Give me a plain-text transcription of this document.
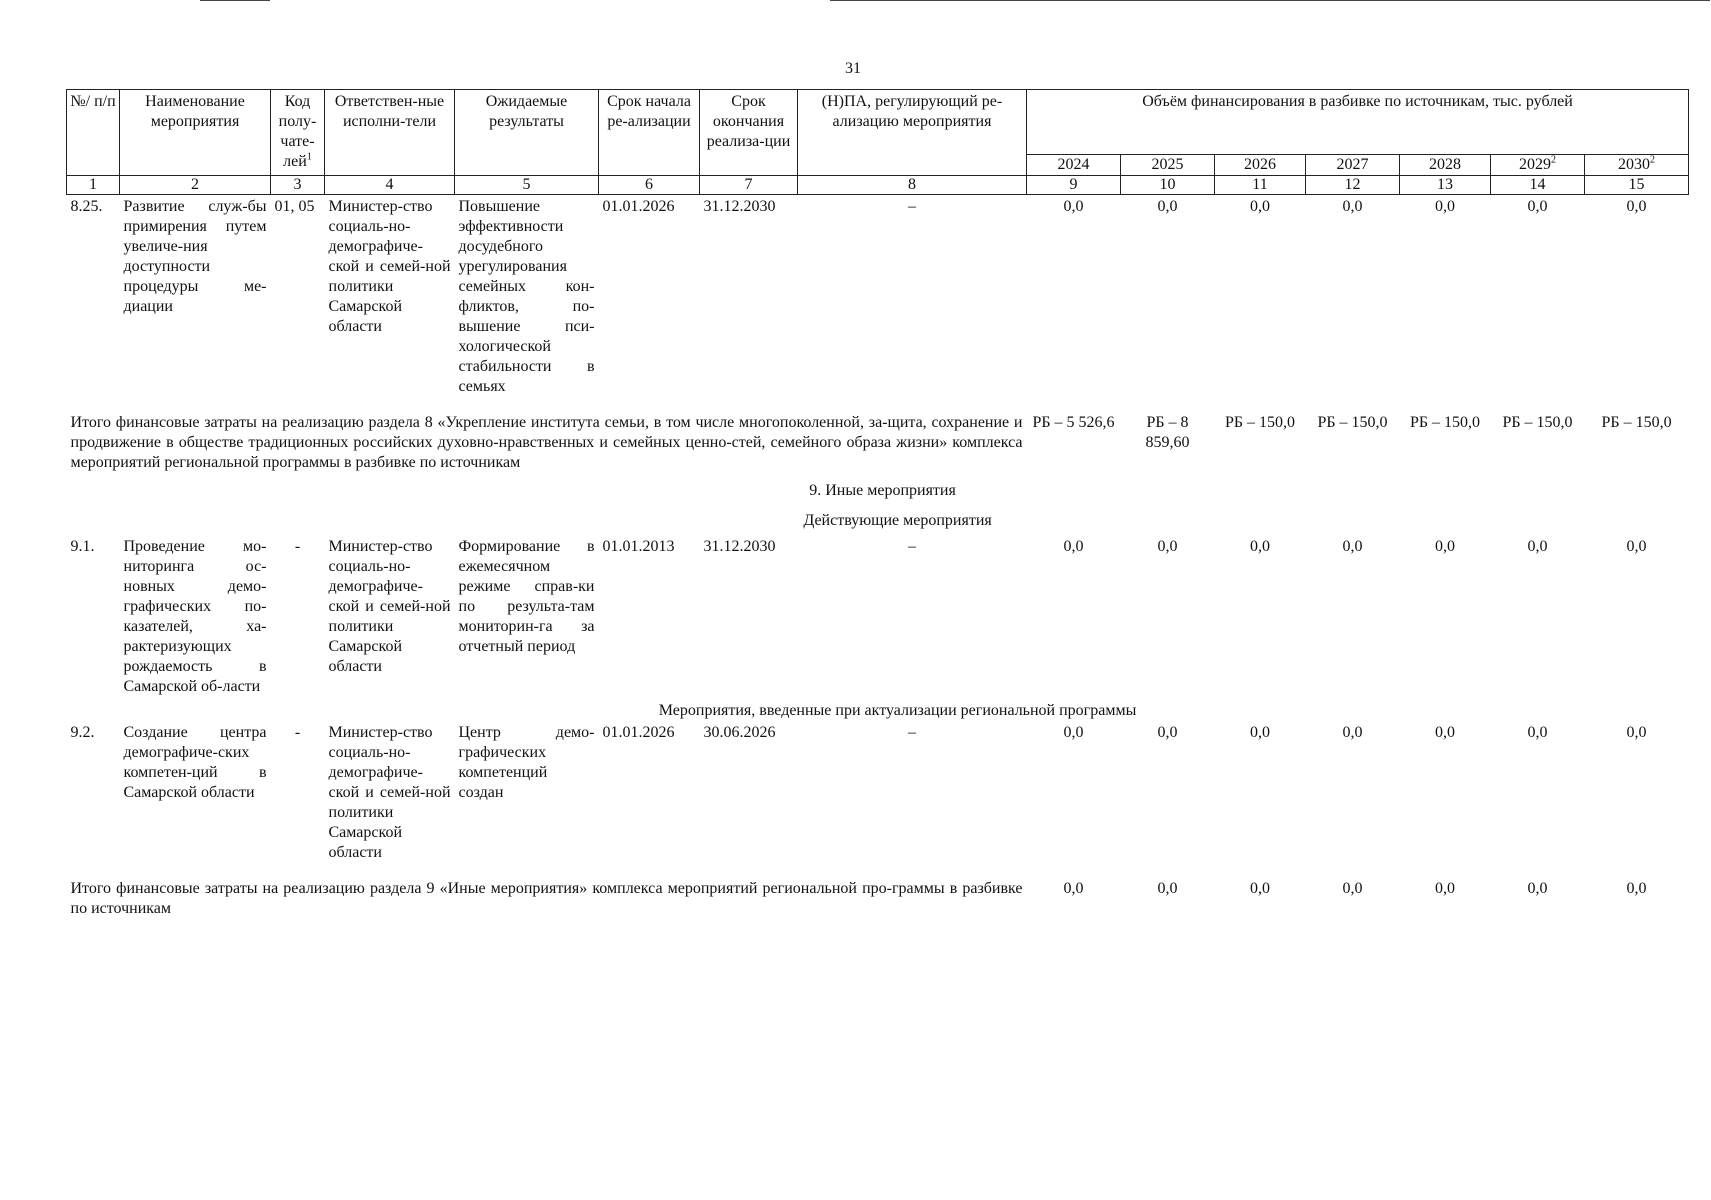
31
№/ п/п	Наименование мероприятия	Код полу-чате-лей$^1$	Ответствен-ные исполни-тели	Ожидаемые результаты	Срок начала ре-ализации	Срок окончания реализа-ции	(Н)ПА, регулирующий ре-ализацию мероприятия	Объём финансирования в разбивке по источникам, тыс. рублей						
								2024	2025	2026	2027	2028	2029$^2$	2030$^2$
1	2	3	4	5	6	7	8	9	10	11	12	13	14	15
8.25.	Развитие служ-бы примирения путем увеличе-ния доступности процедуры ме-диации	01, 05	Министер-ство социаль-но-демографиче-ской и семей-ной политики Самарской области	Повышение эффективности досудебного урегулирования семейных кон-фликтов, по-вышение пси-хологической стабильности в семьях	01.01.2026	31.12.2030	–	0,0	0,0	0,0	0,0	0,0	0,0	0,0
Итого финансовые затраты на реализацию раздела 8 «Укрепление института семьи, в том числе многопоколенной, за-щита, сохранение и продвижение в обществе традиционных российских духовно-нравственных и семейных ценно-стей, семейного образа жизни» комплекса мероприятий региональной программы в разбивке по источникам								РБ – 5 526,6	РБ – 8 859,60	РБ – 150,0	РБ – 150,0	РБ – 150,0	РБ – 150,0	РБ – 150,0
9. Иные мероприятия														
Действующие мероприятия														
9.1.	Проведение мо-ниторинга ос-новных демо-графических по-казателей, ха-рактеризующих рождаемость в Самарской об-ласти	-	Министер-ство социаль-но-демографиче-ской и семей-ной политики Самарской области	Формирование в ежемесячном режиме справ-ки по результа-там мониторин-га за отчетный период	01.01.2013	31.12.2030	–	0,0	0,0	0,0	0,0	0,0	0,0	0,0
Мероприятия, введенные при актуализации региональной программы														
9.2.	Создание центра демографиче-ских компетен-ций в Самарской области	-	Министер-ство социаль-но-демографиче-ской и семей-ной политики Самарской области	Центр демо-графических компетенций создан	01.01.2026	30.06.2026	–	0,0	0,0	0,0	0,0	0,0	0,0	0,0
Итого финансовые затраты на реализацию раздела 9 «Иные мероприятия» комплекса мероприятий региональной про-граммы в разбивке по источникам								0,0	0,0	0,0	0,0	0,0	0,0	0,0
